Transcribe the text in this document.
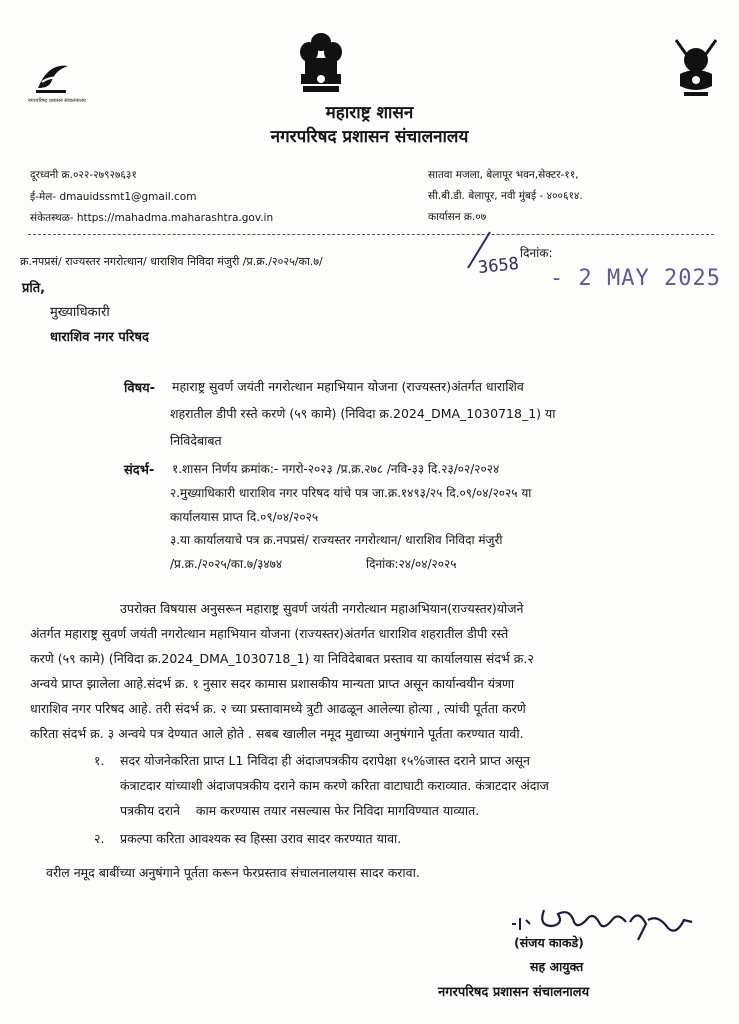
नगरपरिषद प्रशासन संचालनालय
महाराष्ट्र शासन
नगरपरिषद प्रशासन संचालनालय
दूरध्वनी क्र.०२२-२७९२७६३१
ई-मेल- dmauidssmt1@gmail.com
संकेतस्थळ- https://mahadma.maharashtra.gov.in
सातवा मजला, बेलापूर भवन,सेक्टर-११,
सी.बी.डी. बेलापूर, नवी मुंबई - ४००६१४.
कार्यासन क्र.०७
क्र.नपप्रसं/ राज्यस्तर नगरोत्थान/ धाराशिव निविदा मंजुरी /प्र.क्र./२०२५/का.७/	3658
दिनांक:
- 2 MAY 2025
प्रति,
मुख्याधिकारी
धाराशिव नगर परिषद
विषय- महाराष्ट्र सुवर्ण जयंती नगरोत्थान महाभियान योजना (राज्यस्तर)अंतर्गत धाराशिव
शहरातील डीपी रस्ते करणे (५९ कामे) (निविदा क्र.2024_DMA_1030718_1) या
निविदेबाबत
संदर्भ- १.शासन निर्णय क्रमांक:- नगरो-२०२३ /प्र.क्र.२७८ /नवि-३३ दि.२३/०२/२०२४
२.मुख्याधिकारी धाराशिव नगर परिषद यांचे पत्र जा.क्र.१४९३/२५ दि.०९/०४/२०२५ या
कार्यालयास प्राप्त दि.०९/०४/२०२५
३.या कार्यालयाचे पत्र क्र.नपप्रसं/ राज्यस्तर नगरोत्थान/ धाराशिव निविदा मंजुरी
/प्र.क्र./२०२५/का.७/३४७४	दिनांक:२४/०४/२०२५
उपरोक्त विषयास अनुसरून महाराष्ट्र सुवर्ण जयंती नगरोत्थान महाअभियान(राज्यस्तर)योजने
अंतर्गत महाराष्ट्र सुवर्ण जयंती नगरोत्थान महाभियान योजना (राज्यस्तर)अंतर्गत धाराशिव शहरातील डीपी रस्ते
करणे (५९ कामे) (निविदा क्र.2024_DMA_1030718_1) या निविदेबाबत प्रस्ताव या कार्यालयास संदर्भ क्र.२
अन्वये प्राप्त झालेला आहे.संदर्भ क्र. १ नुसार सदर कामास प्रशासकीय मान्यता प्राप्त असून कार्यान्वयीन यंत्रणा
धाराशिव नगर परिषद आहे. तरी संदर्भ क्र. २ च्या प्रस्तावामध्ये त्रुटी आढळून आलेल्या होत्या , त्यांची पूर्तता करणे
करिता संदर्भ क्र. ३ अन्वये पत्र देण्यात आले होते . सबब खालील नमूद मुद्याच्या अनुषंगाने पूर्तता करण्यात यावी.
१. सदर योजनेकरिता प्राप्त L1 निविदा ही अंदाजपत्रकीय दरापेक्षा १५%जास्त दराने प्राप्त असून
कंत्राटदार यांच्याशी अंदाजपत्रकीय दराने काम करणे करिता वाटाघाटी कराव्यात. कंत्राटदार अंदाज
पत्रकीय दराने    काम करण्यास तयार नसल्यास फेर निविदा मागविण्यात याव्यात.
२. प्रकल्पा करिता आवश्यक स्व हिस्सा उराव सादर करण्यात यावा.
वरील नमूद बाबींच्या अनुषंगाने पूर्तता करून फेरप्रस्ताव संचालनालयास सादर करावा.
(संजय काकडे)
सह आयुक्त
नगरपरिषद प्रशासन संचालनालय
